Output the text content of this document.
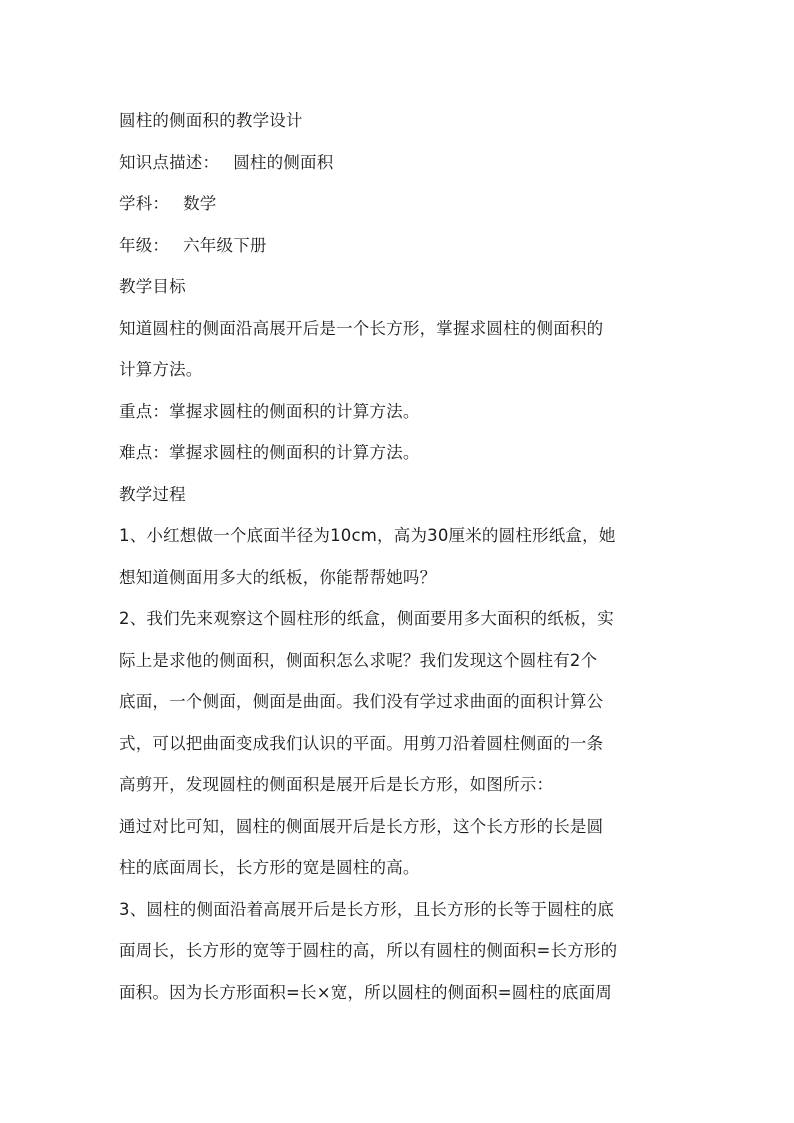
圆柱的侧面积的教学设计
知识点描述： 圆柱的侧面积
学科： 数学
年级： 六年级下册
教学目标
知道圆柱的侧面沿高展开后是一个长方形，掌握求圆柱的侧面积的
计算方法。
重点：掌握求圆柱的侧面积的计算方法。
难点：掌握求圆柱的侧面积的计算方法。
教学过程
1、小红想做一个底面半径为10cm，高为30厘米的圆柱形纸盒，她
想知道侧面用多大的纸板，你能帮帮她吗？
2、我们先来观察这个圆柱形的纸盒，侧面要用多大面积的纸板，实
际上是求他的侧面积，侧面积怎么求呢？我们发现这个圆柱有2个
底面，一个侧面，侧面是曲面。我们没有学过求曲面的面积计算公
式，可以把曲面变成我们认识的平面。用剪刀沿着圆柱侧面的一条
高剪开，发现圆柱的侧面积是展开后是长方形，如图所示：
通过对比可知，圆柱的侧面展开后是长方形，这个长方形的长是圆
柱的底面周长，长方形的宽是圆柱的高。
3、圆柱的侧面沿着高展开后是长方形，且长方形的长等于圆柱的底
面周长，长方形的宽等于圆柱的高，所以有圆柱的侧面积=长方形的
面积。因为长方形面积=长×宽，所以圆柱的侧面积=圆柱的底面周
